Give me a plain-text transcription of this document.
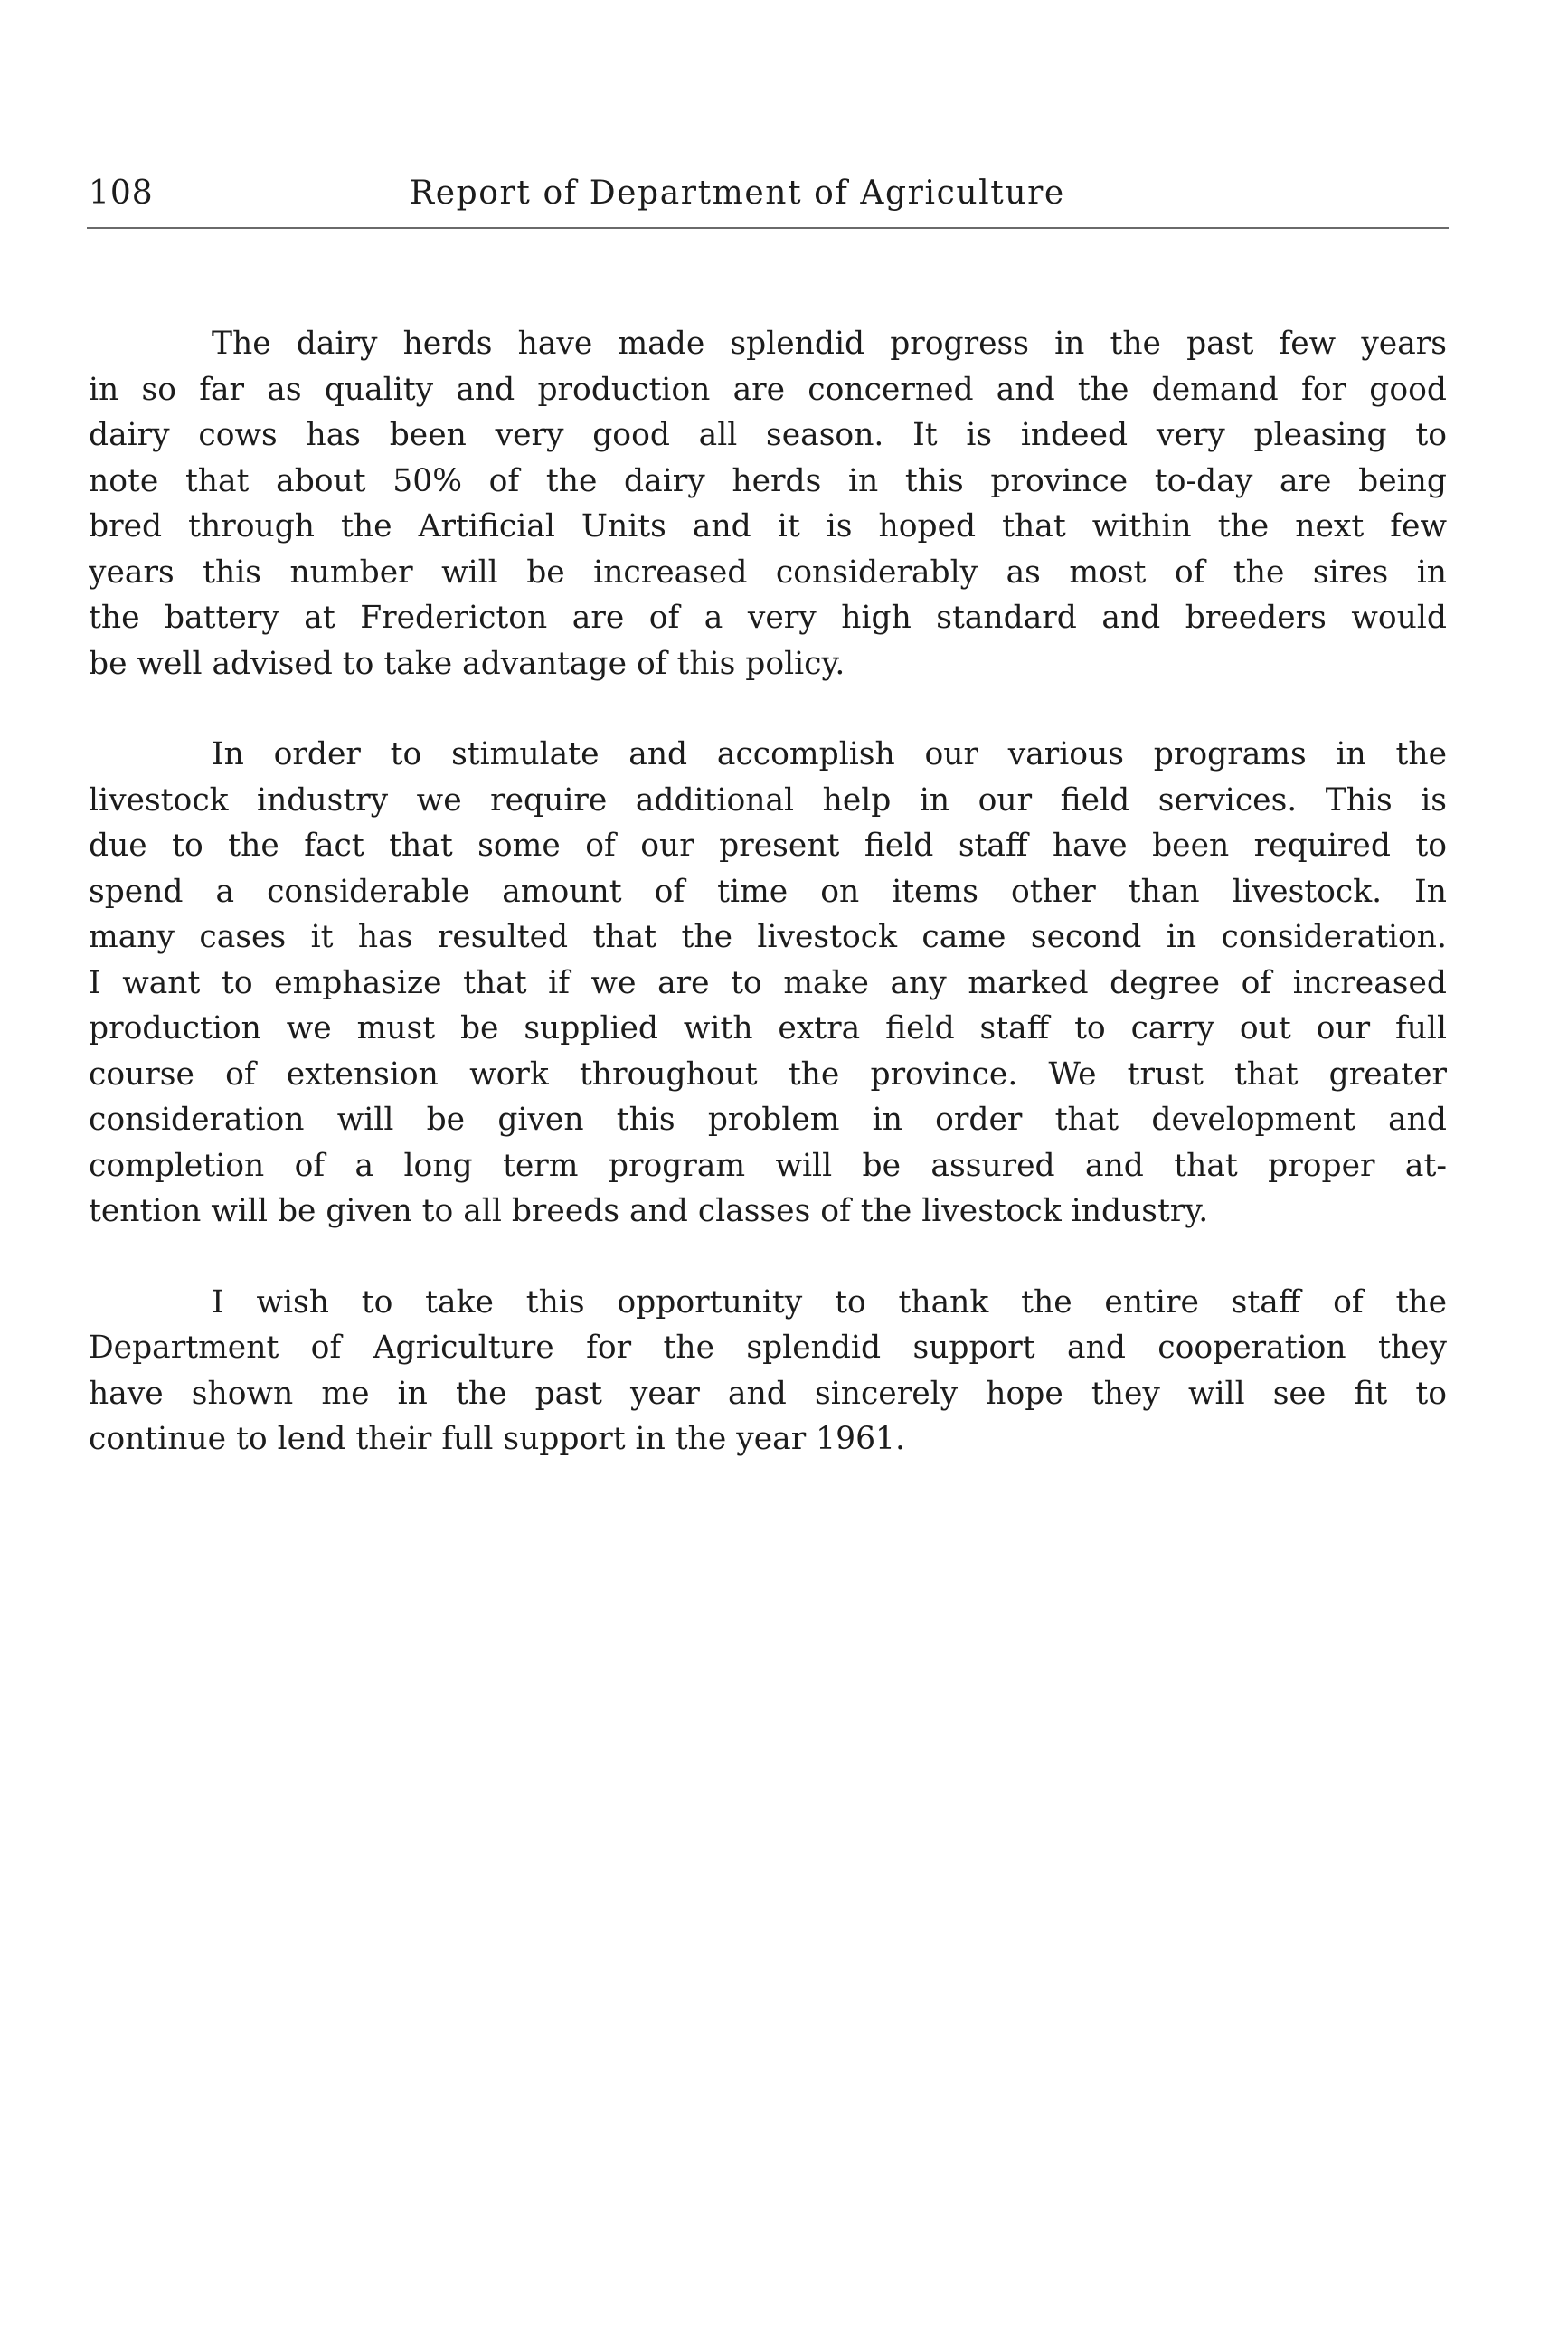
108	Report of Department of Agriculture
The dairy herds have made splendid progress in the past few years
in so far as quality and production are concerned and the demand for good
dairy cows has been very good all season. It is indeed very pleasing to
note that about 50% of the dairy herds in this province to-day are being
bred through the Artificial Units and it is hoped that within the next few
years this number will be increased considerably as most of the sires in
the battery at Fredericton are of a very high standard and breeders would
be well advised to take advantage of this policy.
In order to stimulate and accomplish our various programs in the
livestock industry we require additional help in our field services. This is
due to the fact that some of our present field staff have been required to
spend a considerable amount of time on items other than livestock. In
many cases it has resulted that the livestock came second in consideration.
I want to emphasize that if we are to make any marked degree of increased
production we must be supplied with extra field staff to carry out our full
course of extension work throughout the province. We trust that greater
consideration will be given this problem in order that development and
completion of a long term program will be assured and that proper at-
tention will be given to all breeds and classes of the livestock industry.
I wish to take this opportunity to thank the entire staff of the
Department of Agriculture for the splendid support and cooperation they
have shown me in the past year and sincerely hope they will see fit to
continue to lend their full support in the year 1961.
